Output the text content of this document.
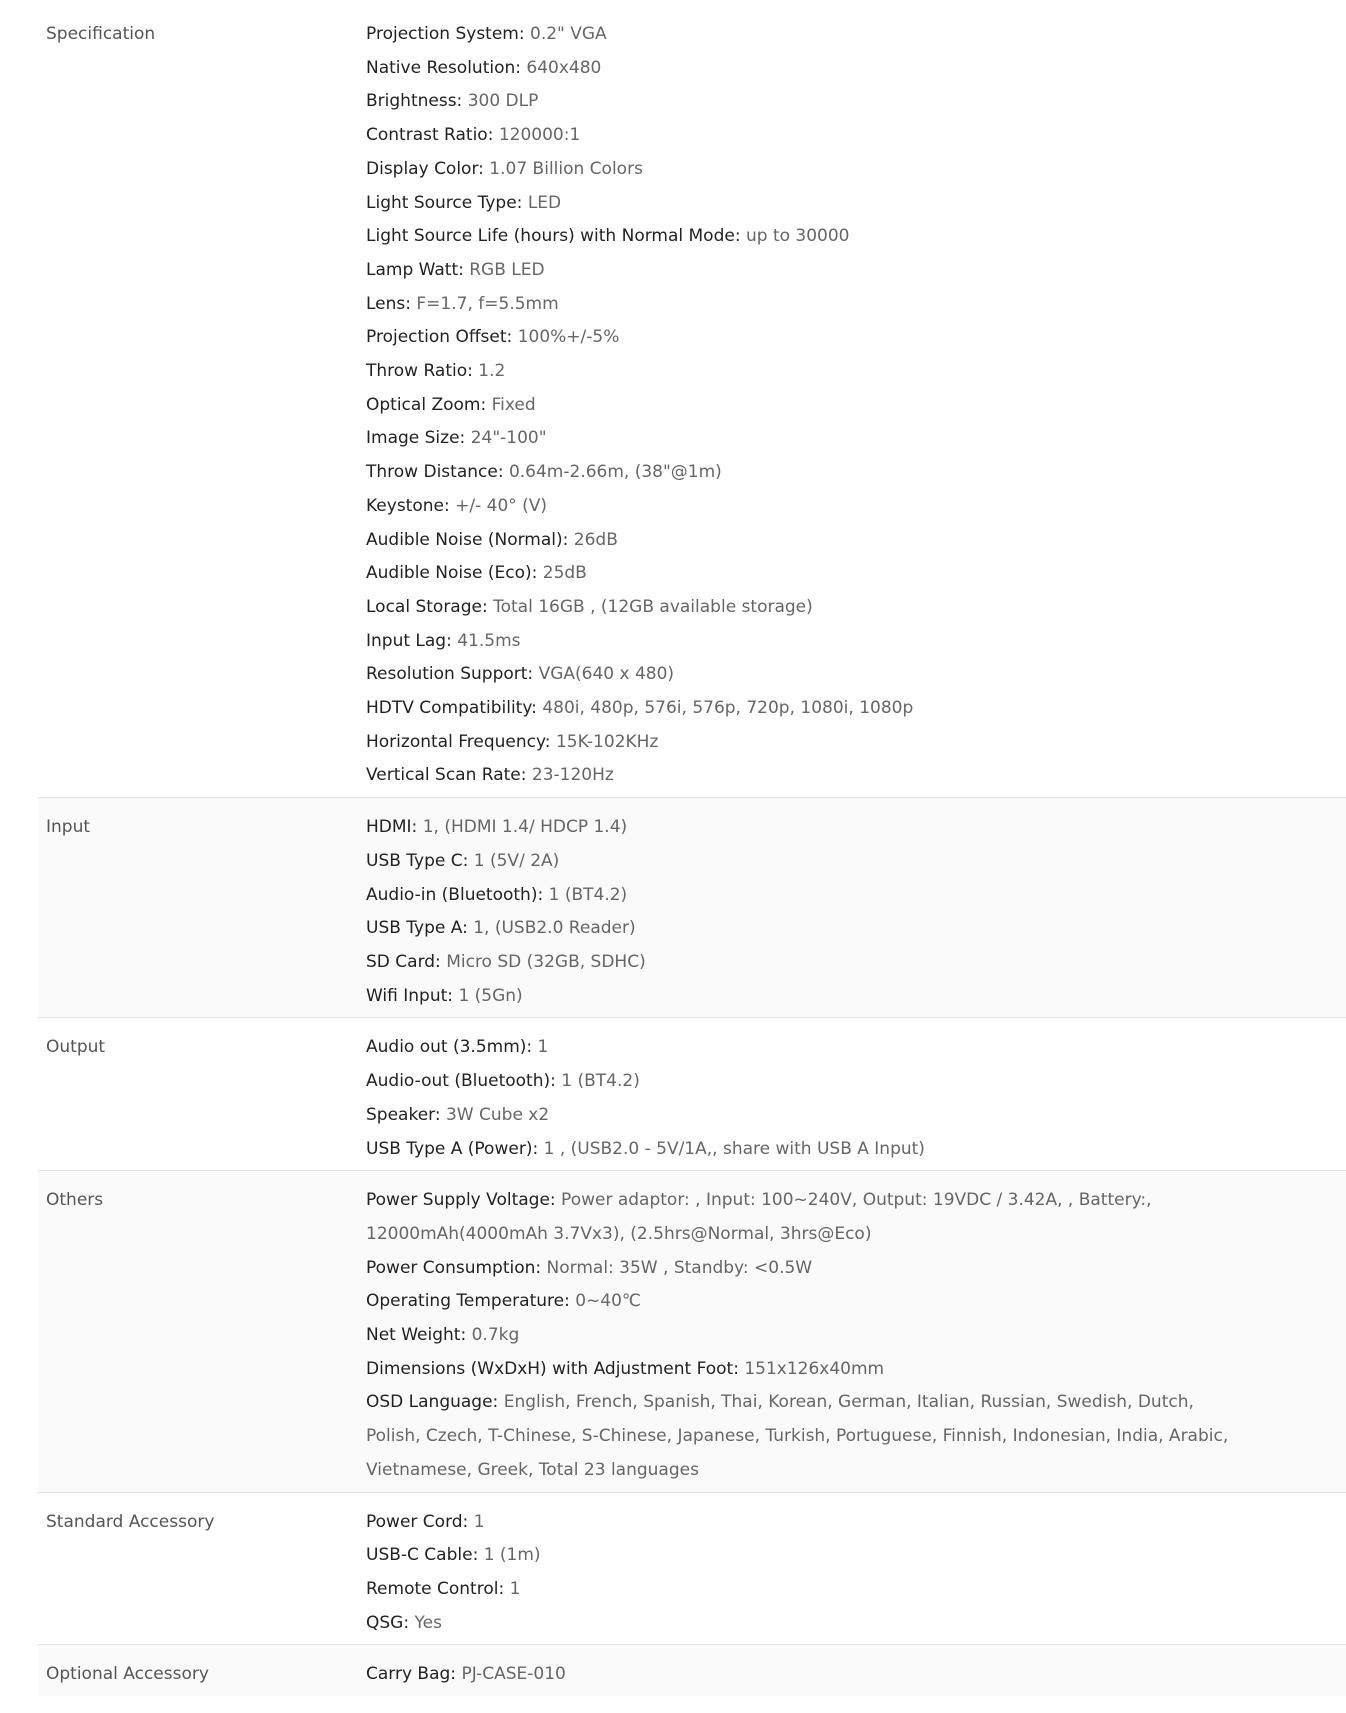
Specification	Projection System: 0.2" VGA

Native Resolution: 640x480

Brightness: 300 DLP

Contrast Ratio: 120000:1

Display Color: 1.07 Billion Colors

Light Source Type: LED

Light Source Life (hours) with Normal Mode: up to 30000

Lamp Watt: RGB LED

Lens: F=1.7, f=5.5mm

Projection Offset: 100%+/-5%

Throw Ratio: 1.2

Optical Zoom: Fixed

Image Size: 24"-100"

Throw Distance: 0.64m-2.66m, (38"@1m)

Keystone: +/- 40° (V)

Audible Noise (Normal): 26dB

Audible Noise (Eco): 25dB

Local Storage: Total 16GB , (12GB available storage)

Input Lag: 41.5ms

Resolution Support: VGA(640 x 480)

HDTV Compatibility: 480i, 480p, 576i, 576p, 720p, 1080i, 1080p

Horizontal Frequency: 15K-102KHz

Vertical Scan Rate: 23-120Hz

Input	HDMI: 1, (HDMI 1.4/ HDCP 1.4)

USB Type C: 1 (5V/ 2A)

Audio-in (Bluetooth): 1 (BT4.2)

USB Type A: 1, (USB2.0 Reader)

SD Card: Micro SD (32GB, SDHC)

Wifi Input: 1 (5Gn)

Output	Audio out (3.5mm): 1

Audio-out (Bluetooth): 1 (BT4.2)

Speaker: 3W Cube x2

USB Type A (Power): 1 , (USB2.0 - 5V/1A,, share with USB A Input)

Others	Power Supply Voltage: Power adaptor: , Input: 100~240V, Output: 19VDC / 3.42A, , Battery:, 12000mAh(4000mAh 3.7Vx3), (2.5hrs@Normal, 3hrs@Eco)

Power Consumption: Normal: 35W , Standby: <0.5W

Operating Temperature: 0~40℃

Net Weight: 0.7kg

Dimensions (WxDxH) with Adjustment Foot: 151x126x40mm

OSD Language: English, French, Spanish, Thai, Korean, German, Italian, Russian, Swedish, Dutch, Polish, Czech, T-Chinese, S-Chinese, Japanese, Turkish, Portuguese, Finnish, Indonesian, India, Arabic, Vietnamese, Greek, Total 23 languages

Standard Accessory	Power Cord: 1

USB-C Cable: 1 (1m)

Remote Control: 1

QSG: Yes

Optional Accessory	Carry Bag: PJ-CASE-010
